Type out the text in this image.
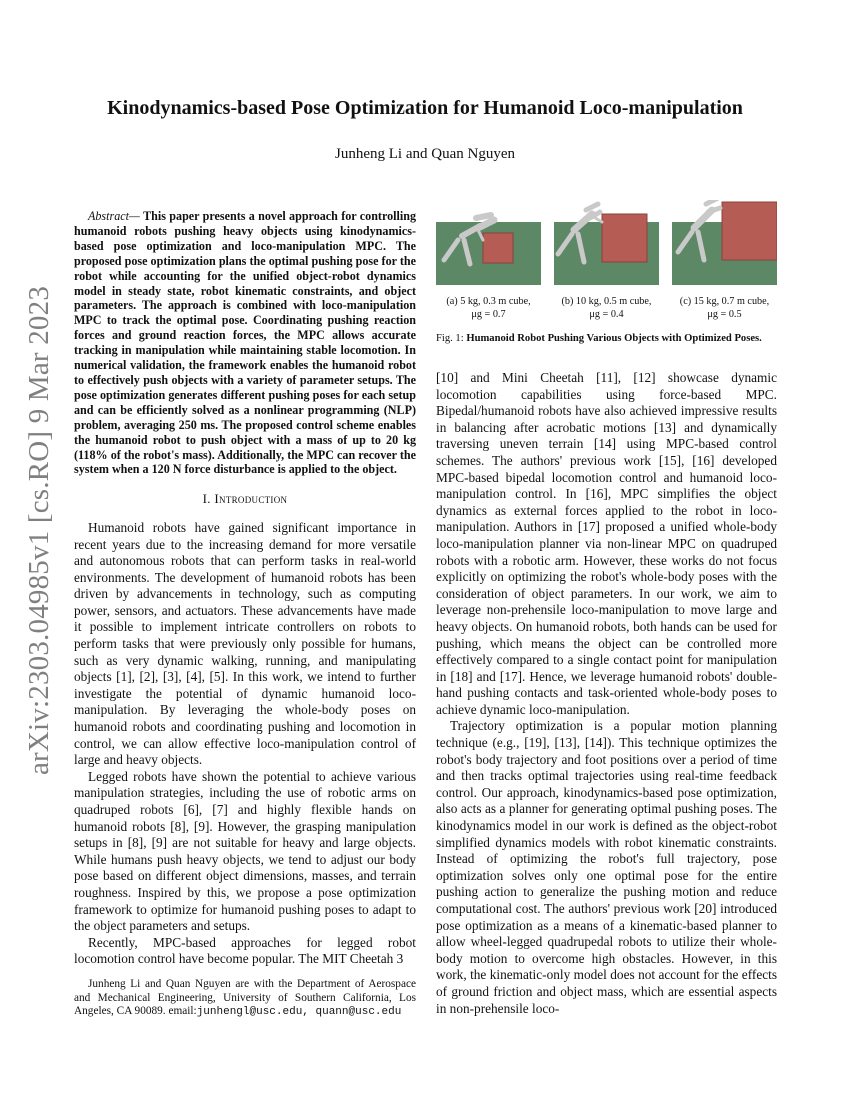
arXiv:2303.04985v1 [cs.RO] 9 Mar 2023
Kinodynamics-based Pose Optimization for Humanoid Loco-manipulation
Junheng Li and Quan Nguyen

Abstract— This paper presents a novel approach for controlling humanoid robots pushing heavy objects using kinodynamics-based pose optimization and loco-manipulation MPC. The proposed pose optimization plans the optimal pushing pose for the robot while accounting for the unified object-robot dynamics model in steady state, robot kinematic constraints, and object parameters. The approach is combined with loco-manipulation MPC to track the optimal pose. Coordinating pushing reaction forces and ground reaction forces, the MPC allows accurate tracking in manipulation while maintaining stable locomotion. In numerical validation, the framework enables the humanoid robot to effectively push objects with a variety of parameter setups. The pose optimization generates different pushing poses for each setup and can be efficiently solved as a nonlinear programming (NLP) problem, averaging 250 ms. The proposed control scheme enables the humanoid robot to push object with a mass of up to 20 kg (118% of the robot's mass). Additionally, the MPC can recover the system when a 120 N force disturbance is applied to the object.

I. Introduction

Humanoid robots have gained significant importance in recent years due to the increasing demand for more versatile and autonomous robots that can perform tasks in real-world environments. The development of humanoid robots has been driven by advancements in technology, such as computing power, sensors, and actuators. These advancements have made it possible to implement intricate controllers on robots to perform tasks that were previously only possible for humans, such as very dynamic walking, running, and manipulating objects [1], [2], [3], [4], [5]. In this work, we intend to further investigate the potential of dynamic humanoid loco-manipulation. By leveraging the whole-body poses on humanoid robots and coordinating pushing and locomotion in control, we can allow effective loco-manipulation control of large and heavy objects.

Legged robots have shown the potential to achieve various manipulation strategies, including the use of robotic arms on quadruped robots [6], [7] and highly flexible hands on humanoid robots [8], [9]. However, the grasping manipulation setups in [8], [9] are not suitable for heavy and large objects. While humans push heavy objects, we tend to adjust our body pose based on different object dimensions, masses, and terrain roughness. Inspired by this, we propose a pose optimization framework to optimize for humanoid pushing poses to adapt to the object parameters and setups.

Recently, MPC-based approaches for legged robot locomotion control have become popular. The MIT Cheetah 3

Junheng Li and Quan Nguyen are with the Department of Aerospace and Mechanical Engineering, University of Southern California, Los Angeles, CA 90089. email:junhengl@usc.edu, quann@usc.edu
(a) 5 kg, 0.3 m cube,
μg = 0.7
(b) 10 kg, 0.5 m cube,
μg = 0.4
(c) 15 kg, 0.7 m cube,
μg = 0.5
Fig. 1: Humanoid Robot Pushing Various Objects with Optimized Poses.

[10] and Mini Cheetah [11], [12] showcase dynamic locomotion capabilities using force-based MPC. Bipedal/humanoid robots have also achieved impressive results in balancing after acrobatic motions [13] and dynamically traversing uneven terrain [14] using MPC-based control schemes. The authors' previous work [15], [16] developed MPC-based bipedal locomotion control and humanoid loco-manipulation control. In [16], MPC simplifies the object dynamics as external forces applied to the robot in loco-manipulation. Authors in [17] proposed a unified whole-body loco-manipulation planner via non-linear MPC on quadruped robots with a robotic arm. However, these works do not focus explicitly on optimizing the robot's whole-body poses with the consideration of object parameters. In our work, we aim to leverage non-prehensile loco-manipulation to move large and heavy objects. On humanoid robots, both hands can be used for pushing, which means the object can be controlled more effectively compared to a single contact point for manipulation in [18] and [17]. Hence, we leverage humanoid robots' double-hand pushing contacts and task-oriented whole-body poses to achieve dynamic loco-manipulation.

Trajectory optimization is a popular motion planning technique (e.g., [19], [13], [14]). This technique optimizes the robot's body trajectory and foot positions over a period of time and then tracks optimal trajectories using real-time feedback control. Our approach, kinodynamics-based pose optimization, also acts as a planner for generating optimal pushing poses. The kinodynamics model in our work is defined as the object-robot simplified dynamics models with robot kinematic constraints. Instead of optimizing the robot's full trajectory, pose optimization solves only one optimal pose for the entire pushing action to generalize the pushing motion and reduce computational cost. The authors' previous work [20] introduced pose optimization as a means of a kinematic-based planner to allow wheel-legged quadrupedal robots to utilize their whole-body motion to overcome high obstacles. However, in this work, the kinematic-only model does not account for the effects of ground friction and object mass, which are essential aspects in non-prehensile loco-
